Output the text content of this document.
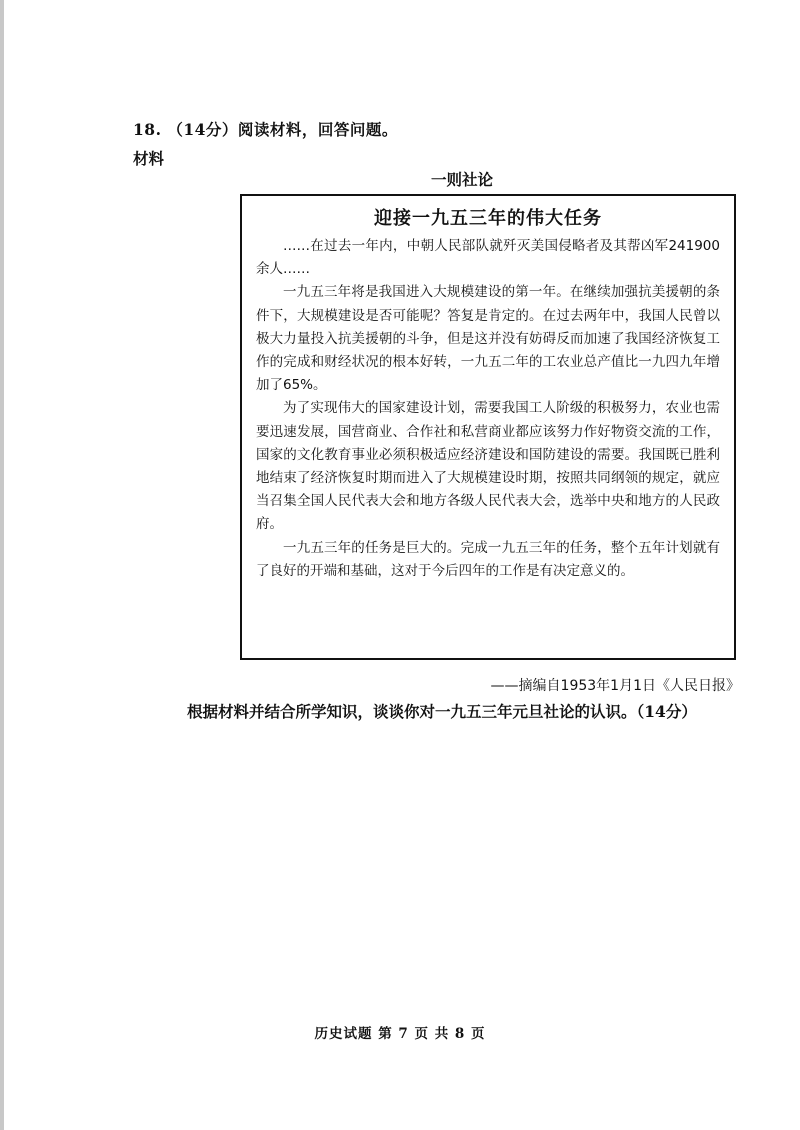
18. （14分）阅读材料，回答问题。
材料
一则社论
迎接一九五三年的伟大任务

……在过去一年内，中朝人民部队就歼灭美国侵略者及其帮凶军241900余人……

一九五三年将是我国进入大规模建设的第一年。在继续加强抗美援朝的条件下，大规模建设是否可能呢？答复是肯定的。在过去两年中，我国人民曾以极大力量投入抗美援朝的斗争，但是这并没有妨碍反而加速了我国经济恢复工作的完成和财经状况的根本好转，一九五二年的工农业总产值比一九四九年增加了65%。

为了实现伟大的国家建设计划，需要我国工人阶级的积极努力，农业也需要迅速发展，国营商业、合作社和私营商业都应该努力作好物资交流的工作，国家的文化教育事业必须积极适应经济建设和国防建设的需要。我国既已胜利地结束了经济恢复时期而进入了大规模建设时期，按照共同纲领的规定，就应当召集全国人民代表大会和地方各级人民代表大会，选举中央和地方的人民政府。

一九五三年的任务是巨大的。完成一九五三年的任务，整个五年计划就有了良好的开端和基础，这对于今后四年的工作是有决定意义的。

——摘编自1953年1月1日《人民日报》
根据材料并结合所学知识，谈谈你对一九五三年元旦社论的认识。（14分）
历史试题 第 7 页 共 8 页
